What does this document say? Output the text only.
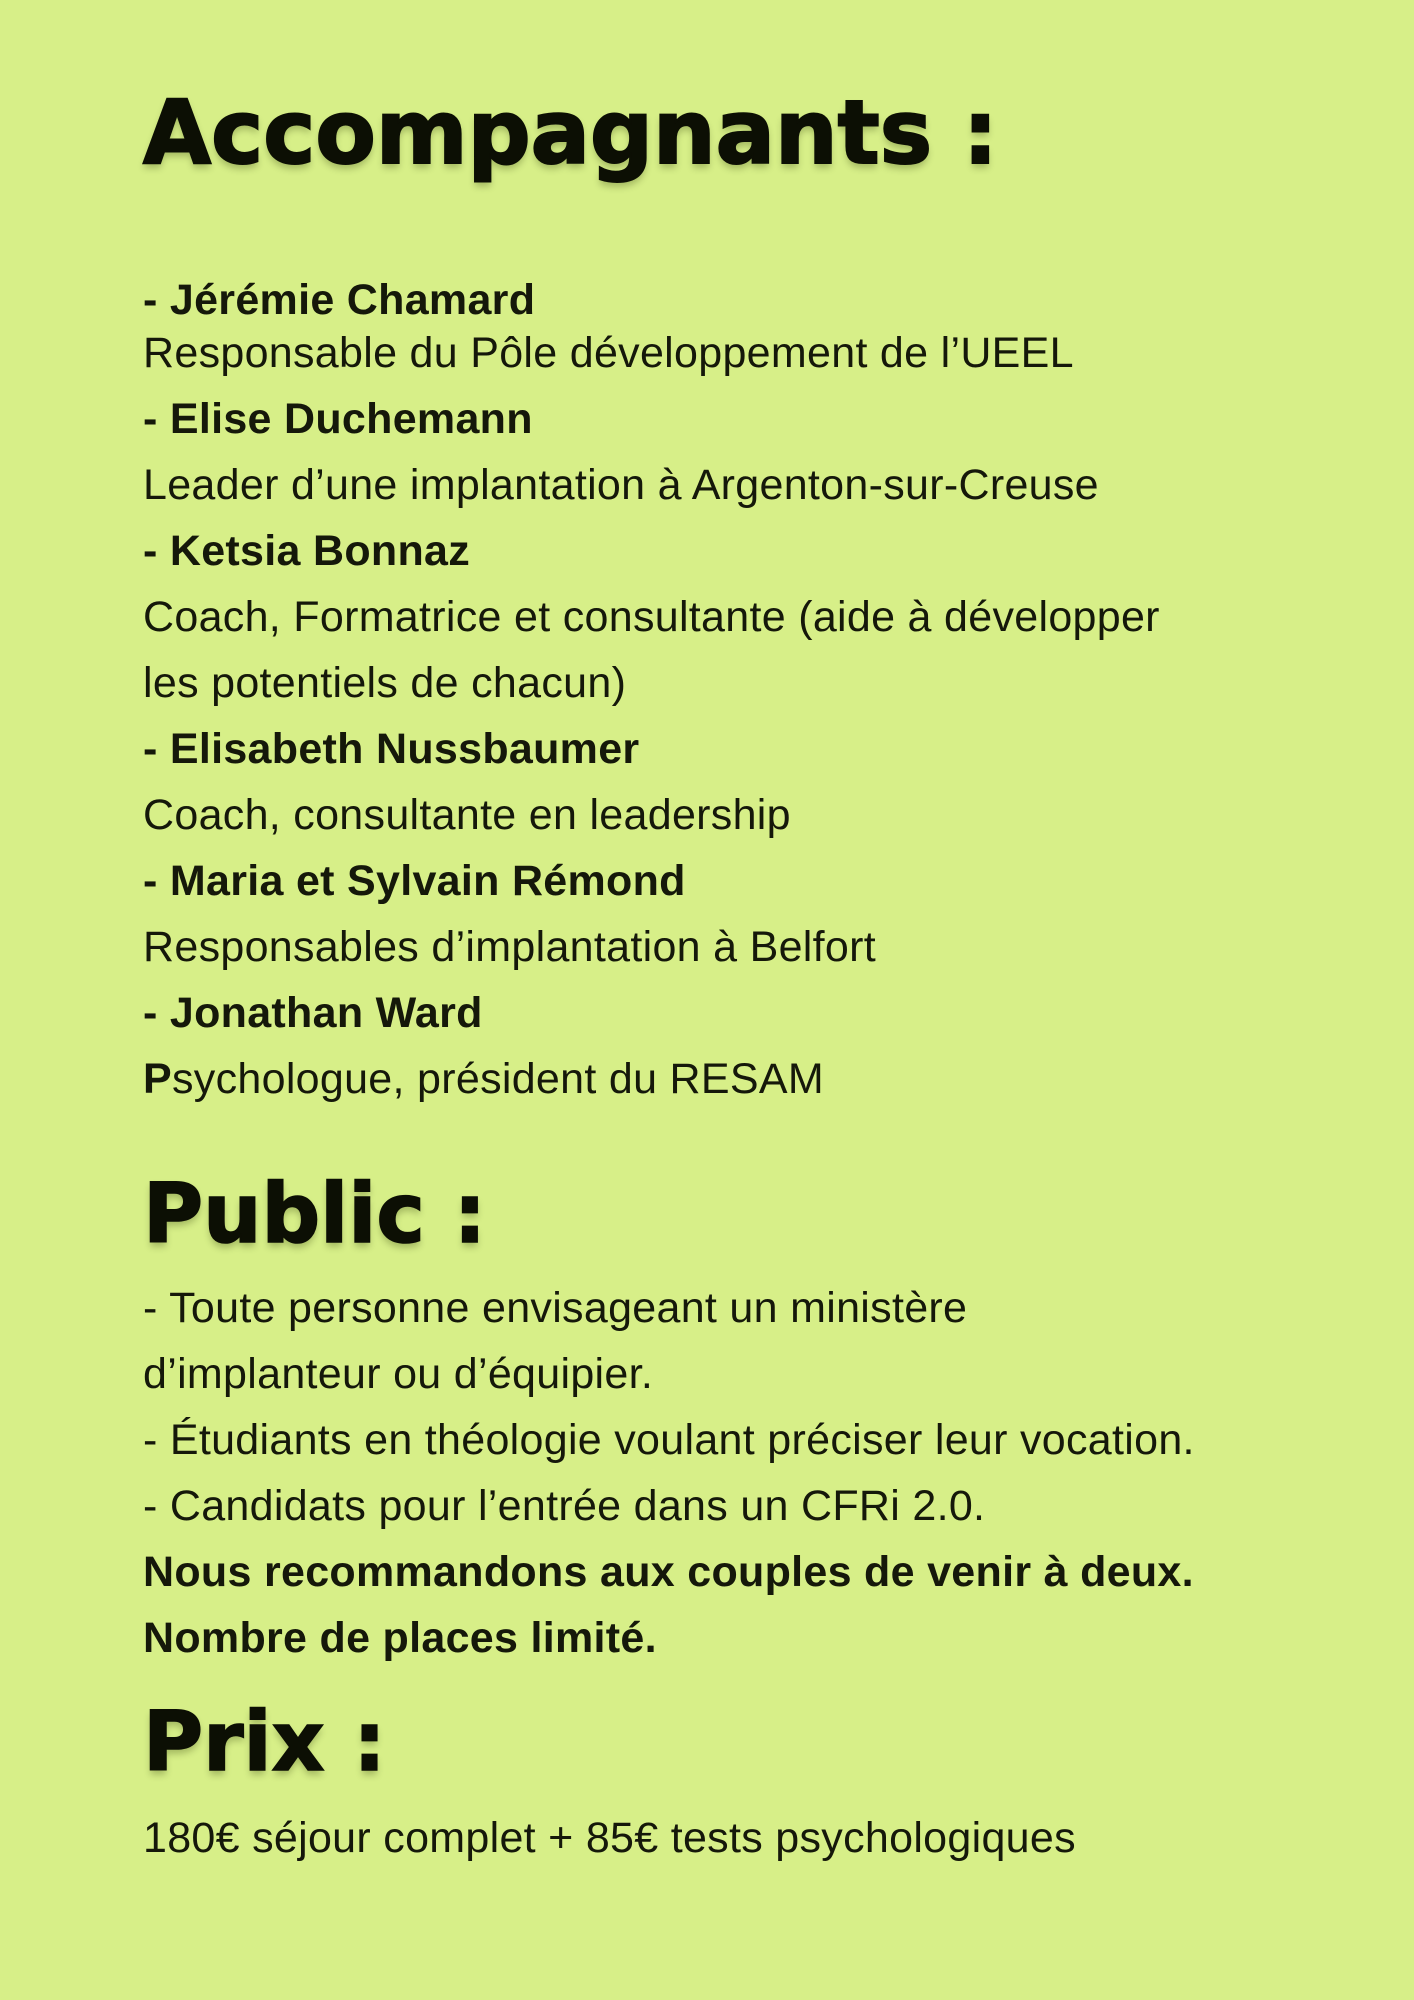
Accompagnants :
- Jérémie Chamard
Responsable du Pôle développement de l’UEEL
- Elise Duchemann
Leader d’une implantation à Argenton-sur-Creuse
- Ketsia Bonnaz
Coach, Formatrice et consultante (aide à développer
les potentiels de chacun)
- Elisabeth Nussbaumer
Coach, consultante en leadership
- Maria et Sylvain Rémond
Responsables d’implantation à Belfort
- Jonathan Ward
Psychologue, président du RESAM
Public :
- Toute personne envisageant un ministère
d’implanteur ou d’équipier.
- Étudiants en théologie voulant préciser leur vocation.
- Candidats pour l’entrée dans un CFRi 2.0.
Nous recommandons aux couples de venir à deux.
Nombre de places limité.
Prix :
180€ séjour complet + 85€ tests psychologiques
